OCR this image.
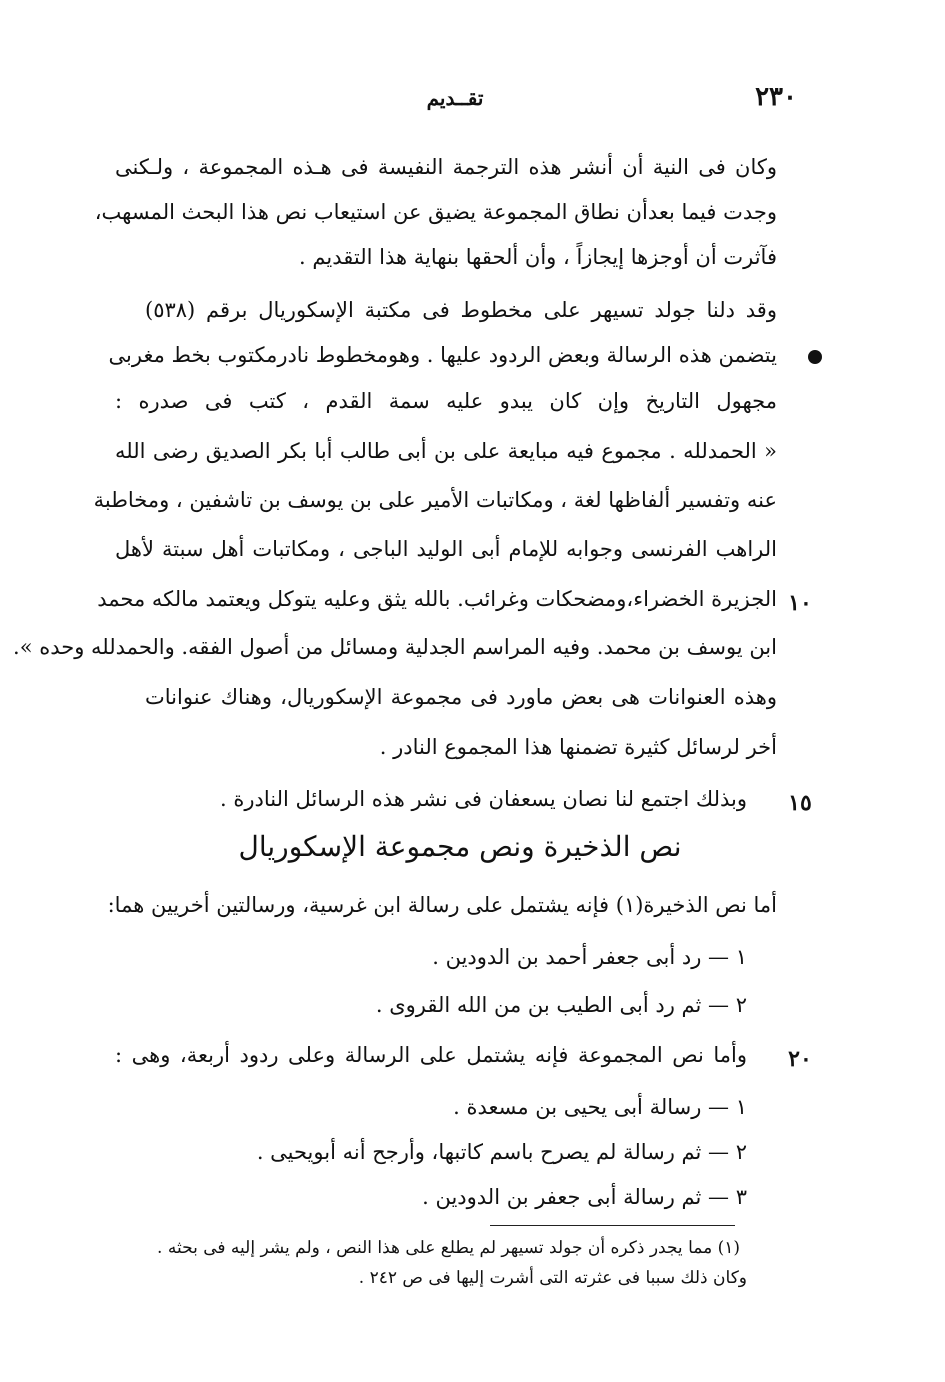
٢٣٠
تقــديم
وكان فى النية أن أنشر هذه الترجمة النفيسة فى هـذه المجموعة ، ولـكنى
وجدت فيما بعدأن نطاق المجموعة يضيق عن استيعاب نص هذا البحث المسهب،
فآثرت أن أوجزها إيجازاً ، وأن ألحقها بنهاية هذا التقديم .
وقد دلنا جولد تسيهر على مخطوط فى مكتبة الإسكوريال برقم (٥٣٨)
يتضمن هذه الرسالة وبعض الردود عليها . وهومخطوط نادرمكتوب بخط مغربى
مجهول التاريخ وإن كان يبدو عليه سمة القدم ، كتب فى صدره :
« الحمدلله . مجموع فيه مبايعة على بن أبى طالب أبا بكر الصديق رضى الله
عنه وتفسير ألفاظها لغة ، ومكاتبات الأمير على بن يوسف بن تاشفين ، ومخاطبة
الراهب الفرنسى وجوابه للإمام أبى الوليد الباجى ، ومكاتبات أهل سبتة لأهل
١٠
الجزيرة الخضراء،ومضحكات وغرائب. بالله يثق وعليه يتوكل ويعتمد مالكه محمد
ابن يوسف بن محمد. وفيه المراسم الجدلية ومسائل من أصول الفقه. والحمدلله وحده ».
وهذه العنوانات هى بعض ماورد فى مجموعة الإسكوريال، وهناك عنوانات
أخر لرسائل كثيرة تضمنها هذا المجموع النادر .
١٥
وبذلك اجتمع لنا نصان يسعفان فى نشر هذه الرسائل النادرة .
نص الذخيرة ونص مجموعة الإسكوريال
أما نص الذخيرة(١) فإنه يشتمل على رسالة ابن غرسية، ورسالتين أخريين هما:
١ — رد أبى جعفر أحمد بن الدودين .
٢ — ثم رد أبى الطيب بن من الله القروى .
٢٠
وأما نص المجموعة فإنه يشتمل على الرسالة وعلى ردود أربعة، وهى :
١ — رسالة أبى يحيى بن مسعدة .
٢ — ثم رسالة لم يصرح باسم كاتبها، وأرجح أنه أبويحيى .
٣ — ثم رسالة أبى جعفر بن الدودين .
(١) مما يجدر ذكره أن جولد تسيهر لم يطلع على هذا النص ، ولم يشر إليه فى بحثه .
وكان ذلك سببا فى عثرته التى أشرت إليها فى ص ٢٤٢ .
